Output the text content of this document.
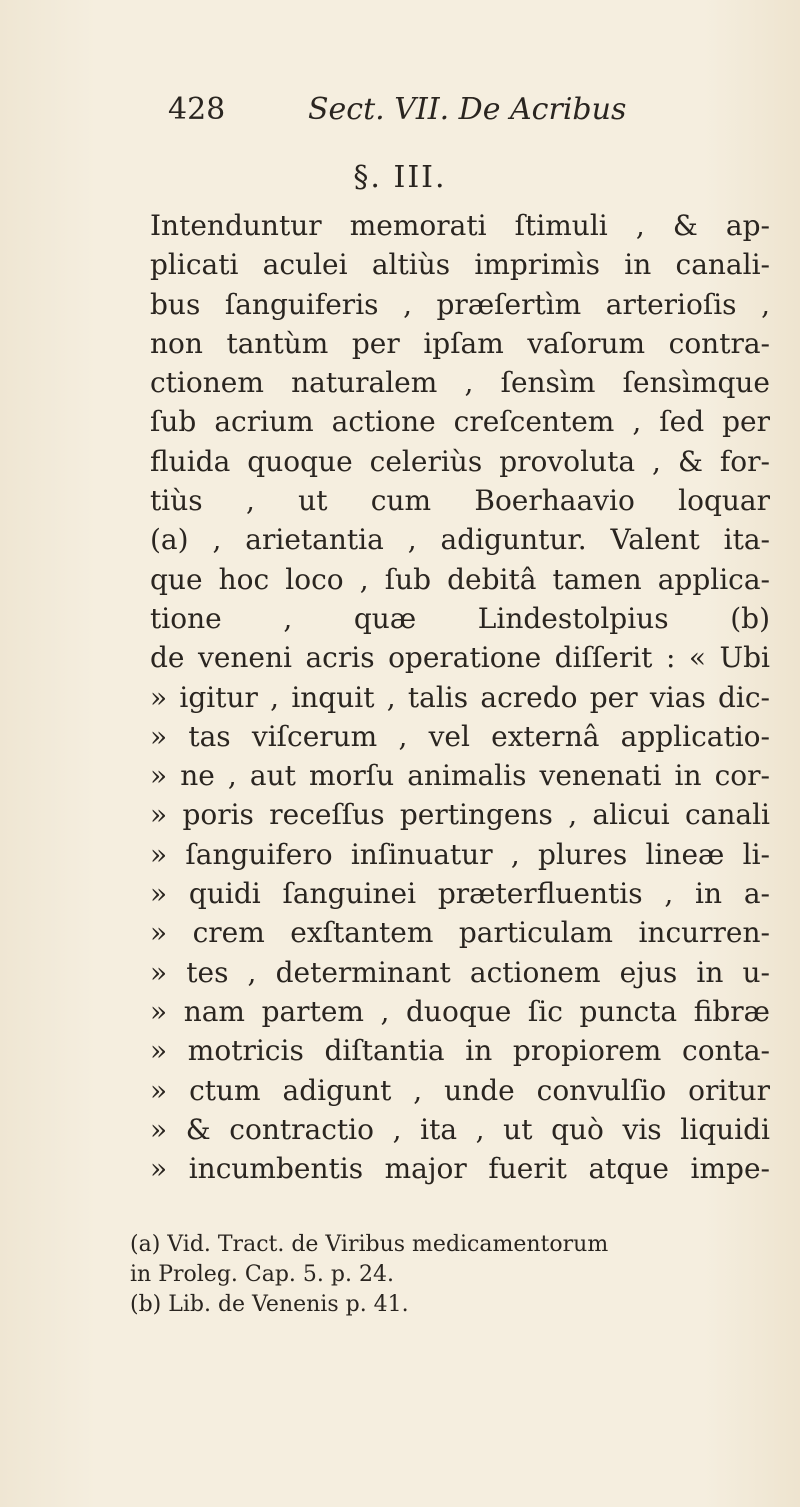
428	Sect. VII. De Acribus
§. III.
Intenduntur memorati ſtimuli , & ap-
plicati aculei altiùs imprimìs in canali-
bus ſanguiferis , præſertìm arterioſis ,
non tantùm per ipſam vaſorum contra-
ctionem naturalem , ſensìm ſensìmque
ſub acrium actione creſcentem , ſed per
fluida quoque celeriùs provoluta , & for-
tiùs , ut cum Boerhaavio loquar
(a) , arietantia , adiguntur. Valent ita-
que hoc loco , ſub debitâ tamen applica-
tione , quæ Lindestolpius (b)
de veneni acris operatione diſſerit : « Ubi
» igitur , inquit , talis acredo per vias dic-
» tas viſcerum , vel externâ applicatio-
» ne , aut morſu animalis venenati in cor-
» poris receſſus pertingens , alicui canali
» ſanguifero inſinuatur , plures lineæ li-
» quidi ſanguinei præterfluentis , in a-
» crem exſtantem particulam incurren-
» tes , determinant actionem ejus in u-
» nam partem , duoque ſic puncta fibræ
» motricis diſtantia in propiorem conta-
» ctum adigunt , unde convulſio oritur
» & contractio , ita , ut quò vis liquidi
» incumbentis major fuerit atque impe-
(a) Vid. Tract. de Viribus medicamentorum
in Proleg. Cap. 5. p. 24.
(b) Lib. de Venenis p. 41.
